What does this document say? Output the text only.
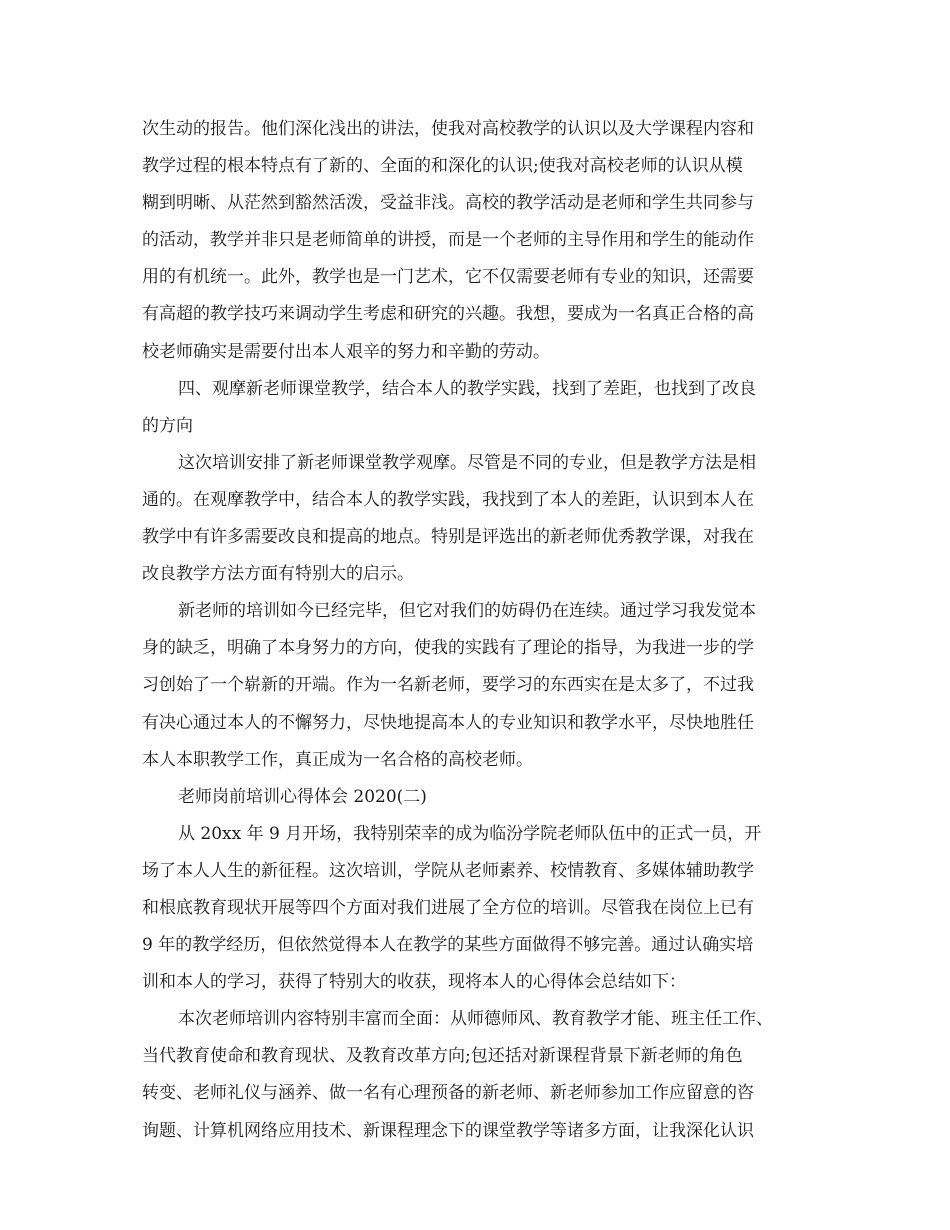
次生动的报告。他们深化浅出的讲法，使我对高校教学的认识以及大学课程内容和
教学过程的根本特点有了新的、全面的和深化的认识;使我对高校老师的认识从模
糊到明晰、从茫然到豁然活泼，受益非浅。高校的教学活动是老师和学生共同参与
的活动，教学并非只是老师简单的讲授，而是一个老师的主导作用和学生的能动作
用的有机统一。此外，教学也是一门艺术，它不仅需要老师有专业的知识，还需要
有高超的教学技巧来调动学生考虑和研究的兴趣。我想，要成为一名真正合格的高
校老师确实是需要付出本人艰辛的努力和辛勤的劳动。
四、观摩新老师课堂教学，结合本人的教学实践，找到了差距，也找到了改良
的方向
这次培训安排了新老师课堂教学观摩。尽管是不同的专业，但是教学方法是相
通的。在观摩教学中，结合本人的教学实践，我找到了本人的差距，认识到本人在
教学中有许多需要改良和提高的地点。特别是评选出的新老师优秀教学课，对我在
改良教学方法方面有特别大的启示。
新老师的培训如今已经完毕，但它对我们的妨碍仍在连续。通过学习我发觉本
身的缺乏，明确了本身努力的方向，使我的实践有了理论的指导，为我进一步的学
习创始了一个崭新的开端。作为一名新老师，要学习的东西实在是太多了，不过我
有决心通过本人的不懈努力，尽快地提高本人的专业知识和教学水平，尽快地胜任
本人本职教学工作，真正成为一名合格的高校老师。
老师岗前培训心得体会 2020(二)
从 20xx 年 9 月开场，我特别荣幸的成为临汾学院老师队伍中的正式一员，开
场了本人人生的新征程。这次培训，学院从老师素养、校情教育、多媒体辅助教学
和根底教育现状开展等四个方面对我们进展了全方位的培训。尽管我在岗位上已有
9 年的教学经历，但依然觉得本人在教学的某些方面做得不够完善。通过认确实培
训和本人的学习，获得了特别大的收获，现将本人的心得体会总结如下：
本次老师培训内容特别丰富而全面：从师德师风、教育教学才能、班主任工作、
当代教育使命和教育现状、及教育改革方向;包还括对新课程背景下新老师的角色
转变、老师礼仪与涵养、做一名有心理预备的新老师、新老师参加工作应留意的咨
询题、计算机网络应用技术、新课程理念下的课堂教学等诸多方面，让我深化认识
